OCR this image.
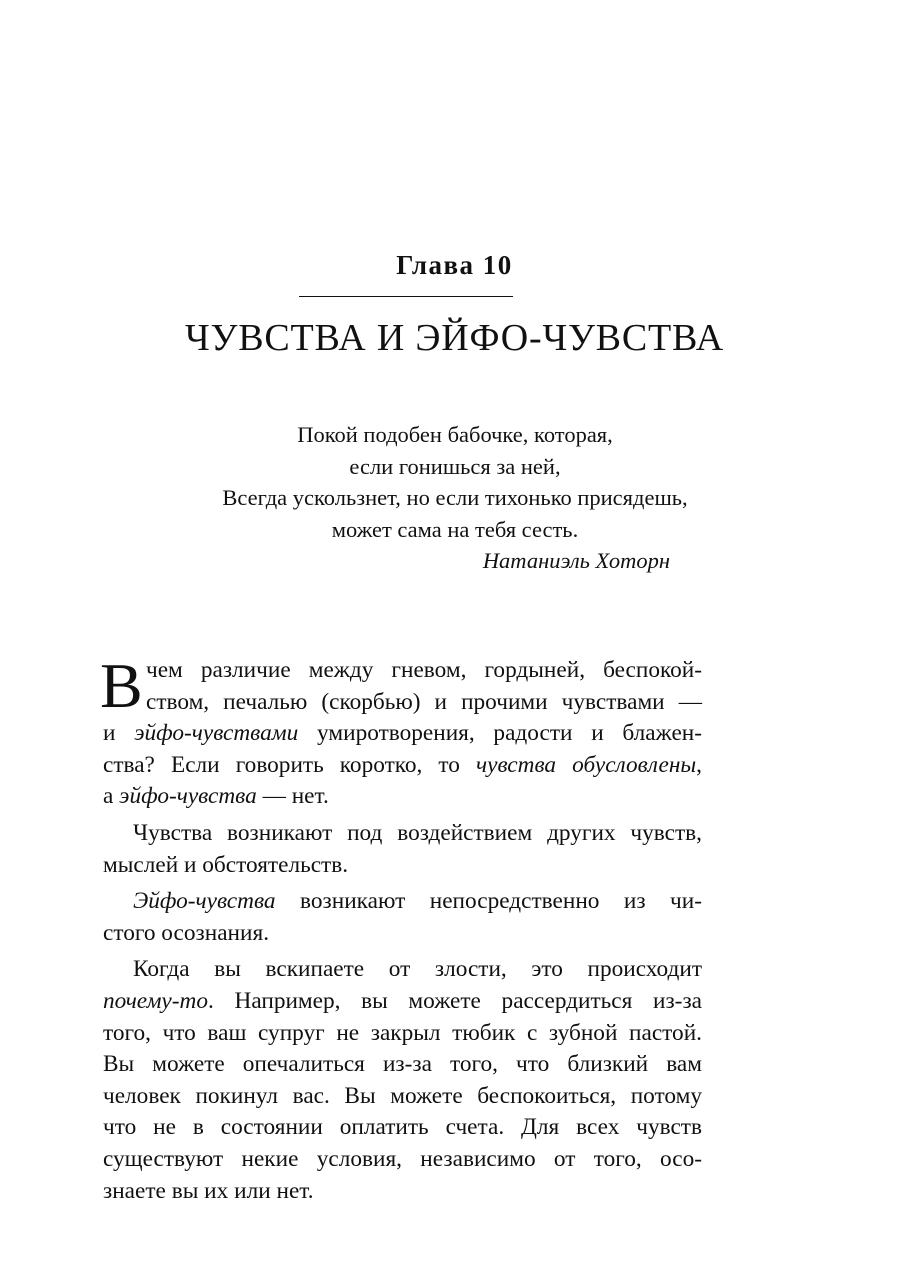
Глава 10
ЧУВСТВА И ЭЙФО-ЧУВСТВА
Покой подобен бабочке, которая,
если гонишься за ней,
Всегда ускользнет, но если тихонько присядешь,
может сама на тебя сесть.
Натаниэль Хоторн
В чем различие между гневом, гордыней, беспокой-
ством, печалью (скорбью) и прочими чувствами —
и эйфо-чувствами умиротворения, радости и блажен-
ства? Если говорить коротко, то чувства обусловлены,
а эйфо-чувства — нет.
Чувства возникают под воздействием других чувств,
мыслей и обстоятельств.
Эйфо-чувства возникают непосредственно из чи-
стого осознания.
Когда вы вскипаете от злости, это происходит
почему-то. Например, вы можете рассердиться из-за
того, что ваш супруг не закрыл тюбик с зубной пастой.
Вы можете опечалиться из-за того, что близкий вам
человек покинул вас. Вы можете беспокоиться, потому
что не в состоянии оплатить счета. Для всех чувств
существуют некие условия, независимо от того, осо-
знаете вы их или нет.
